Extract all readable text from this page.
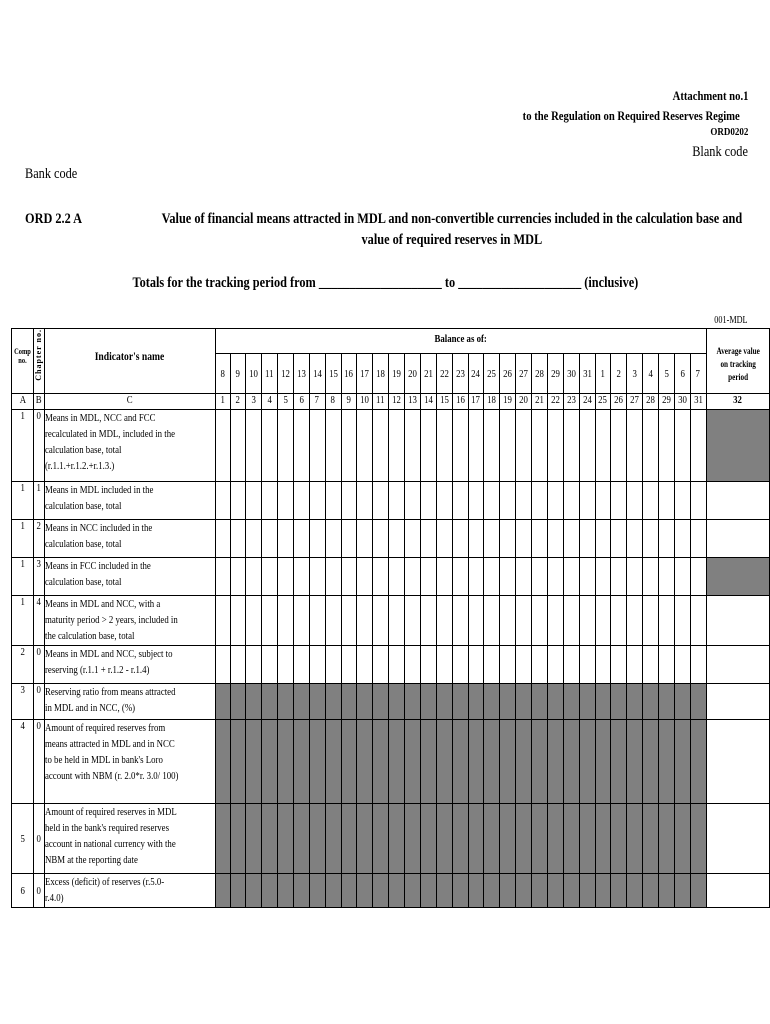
Attachment no.1
to the Regulation on Required Reserves Regime
ORD0202
Blank code
Bank code
ORD 2.2 A	Value of financial means attracted in MDL and non-convertible currencies included in the calculation base and value of required reserves in MDL
Totals for the tracking period from ____________________ to ____________________ (inclusive)
001-MDL
Comp no.	Chapter no.	Indicator's name	Balance as of:																															Average value on tracking period

			8	9	10	11	12	13	14	15	16	17	18	19	20	21	22	23	24	25	26	27	28	29	30	31	1	2	3	4	5	6	7	
A	B	C	1	2	3	4	5	6	7	8	9	10	11	12	13	14	15	16	17	18	19	20	21	22	23	24	25	26	27	28	29	30	31	32
1	0	Means in MDL, NCC and FCC recalculated in MDL, included in the calculation base, total (r.1.1.+r.1.2.+r.1.3.)																																
1	1	Means in MDL included in the calculation base, total																																
1	2	Means in NCC included in the calculation base, total																																
1	3	Means in FCC included in the calculation base, total																																
1	4	Means in MDL and NCC, with a maturity period > 2 years, included in the calculation base, total																																
2	0	Means in MDL and NCC, subject to reserving (r.1.1 + r.1.2 - r.1.4)																																
3	0	Reserving ratio from means attracted in MDL and in NCC, (%)																																
4	0	Amount of required reserves from means attracted in MDL and in NCC to be held in MDL in bank's Loro account with NBM (r. 2.0*r. 3.0/ 100)																																
5	0	Amount of required reserves in MDL held in the bank's required reserves account in national currency with the NBM at the reporting date																																
6	0	Excess (deficit) of reserves (r.5.0-r.4.0)																																
